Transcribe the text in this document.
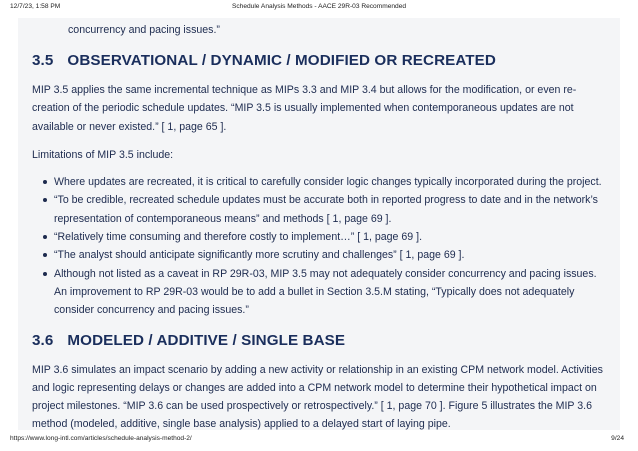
12/7/23, 1:58 PM	Schedule Analysis Methods - AACE 29R-03 Recommended
concurrency and pacing issues.”
3.5 OBSERVATIONAL / DYNAMIC / MODIFIED OR RECREATED

MIP 3.5 applies the same incremental technique as MIPs 3.3 and MIP 3.4 but allows for the modification, or even re-creation of the periodic schedule updates. “MIP 3.5 is usually implemented when contemporaneous updates are not available or never existed.” [ 1, page 65 ].

Limitations of MIP 3.5 include:

Where updates are recreated, it is critical to carefully consider logic changes typically incorporated during the project.
“To be credible, recreated schedule updates must be accurate both in reported progress to date and in the network’s representation of contemporaneous means” and methods [ 1, page 69 ].
“Relatively time consuming and therefore costly to implement…” [ 1, page 69 ].
“The analyst should anticipate significantly more scrutiny and challenges” [ 1, page 69 ].
Although not listed as a caveat in RP 29R-03, MIP 3.5 may not adequately consider concurrency and pacing issues. An improvement to RP 29R-03 would be to add a bullet in Section 3.5.M stating, “Typically does not adequately consider concurrency and pacing issues.”
3.6 MODELED / ADDITIVE / SINGLE BASE

MIP 3.6 simulates an impact scenario by adding a new activity or relationship in an existing CPM network model. Activities and logic representing delays or changes are added into a CPM network model to determine their hypothetical impact on project milestones. “MIP 3.6 can be used prospectively or retrospectively.” [ 1, page 70 ]. Figure 5 illustrates the MIP 3.6 method (modeled, additive, single base analysis) applied to a delayed start of laying pipe.

https://www.long-intl.com/articles/schedule-analysis-method-2/	9/24
